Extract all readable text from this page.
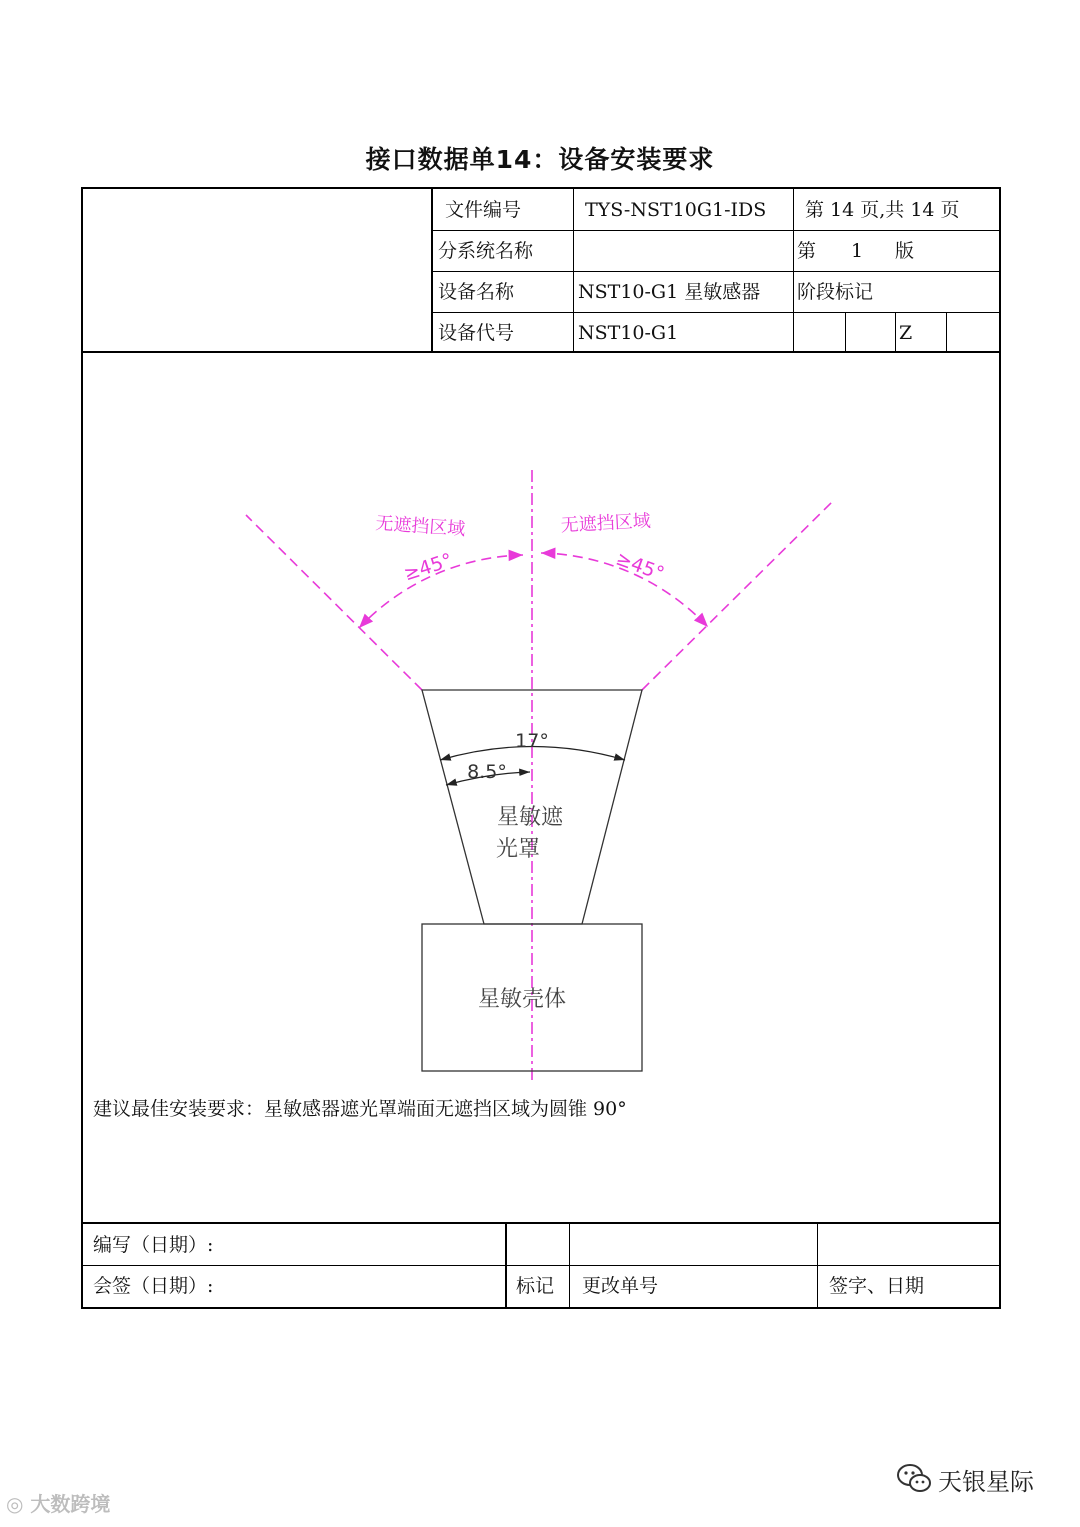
接口数据单14：设备安装要求
文件编号	TYS-NST10G1-IDS 第 14 页,共 14 页
分系统名称	第 1 版
设备名称	NST10-G1 星敏感器 阶段标记
设备代号	NST10-G1	Z
无遮挡区域	无遮挡区域
≥45°	≥45°
17°
8.5°
星敏遮
光罩
星敏壳体
建议最佳安装要求：星敏感器遮光罩端面无遮挡区域为圆锥 90°
编写（日期）:
会签（日期）:	标记 更改单号	签字、日期
◎ 大数跨境
天银星际
